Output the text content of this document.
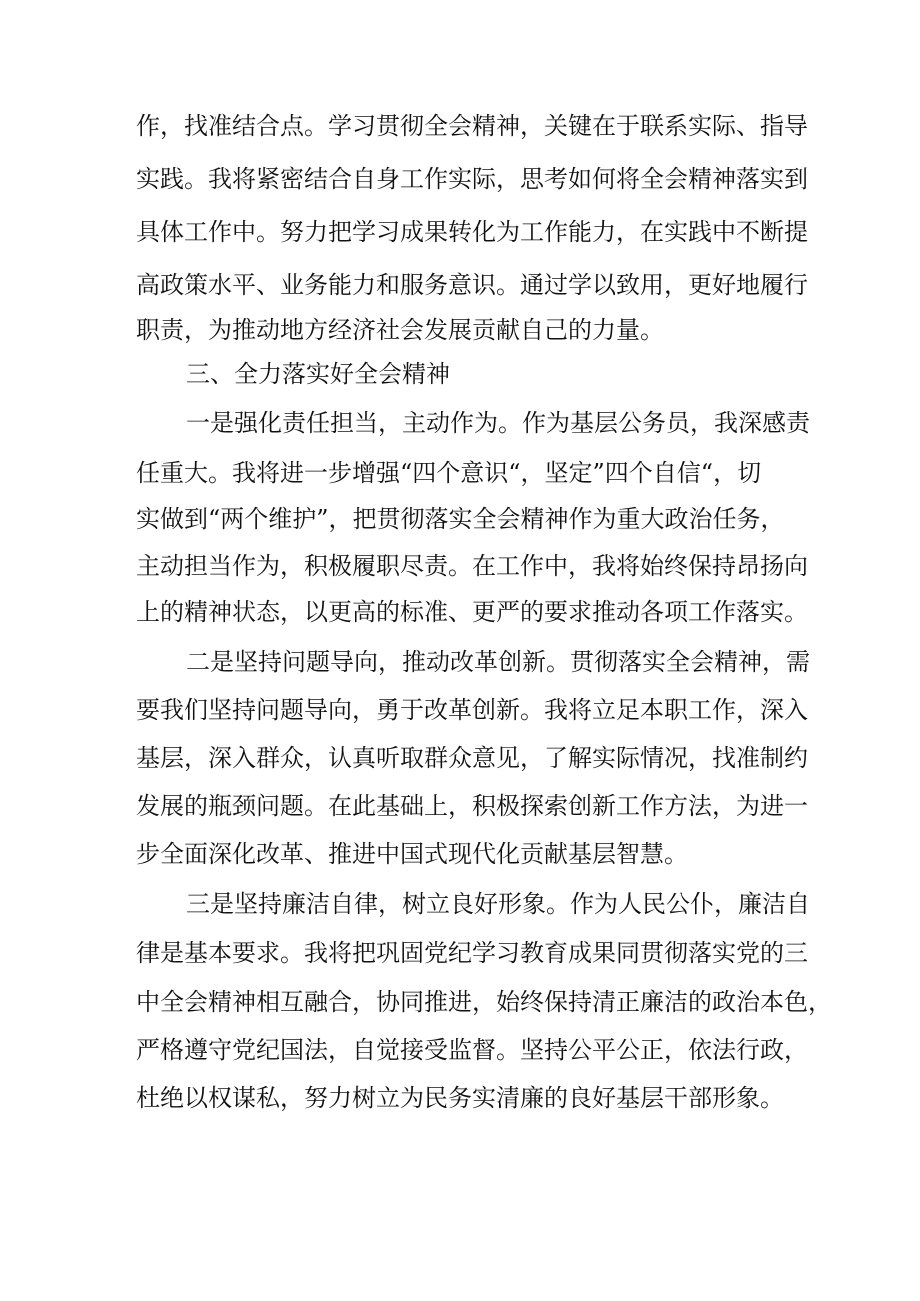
作，找准结合点。学习贯彻全会精神，关键在于联系实际、指导
实践。我将紧密结合自身工作实际，思考如何将全会精神落实到
具体工作中。努力把学习成果转化为工作能力，在实践中不断提
高政策水平、业务能力和服务意识。通过学以致用，更好地履行
职责，为推动地方经济社会发展贡献自己的力量。
三、全力落实好全会精神
一是强化责任担当，主动作为。作为基层公务员，我深感责
任重大。我将进一步增强“四个意识“，坚定”四个自信“，切
实做到“两个维护”，把贯彻落实全会精神作为重大政治任务，
主动担当作为，积极履职尽责。在工作中，我将始终保持昂扬向
上的精神状态，以更高的标准、更严的要求推动各项工作落实。
二是坚持问题导向，推动改革创新。贯彻落实全会精神，需
要我们坚持问题导向，勇于改革创新。我将立足本职工作，深入
基层，深入群众，认真听取群众意见，了解实际情况，找准制约
发展的瓶颈问题。在此基础上，积极探索创新工作方法，为进一
步全面深化改革、推进中国式现代化贡献基层智慧。
三是坚持廉洁自律，树立良好形象。作为人民公仆，廉洁自
律是基本要求。我将把巩固党纪学习教育成果同贯彻落实党的三
中全会精神相互融合，协同推进，始终保持清正廉洁的政治本色，
严格遵守党纪国法，自觉接受监督。坚持公平公正，依法行政，
杜绝以权谋私，努力树立为民务实清廉的良好基层干部形象。
